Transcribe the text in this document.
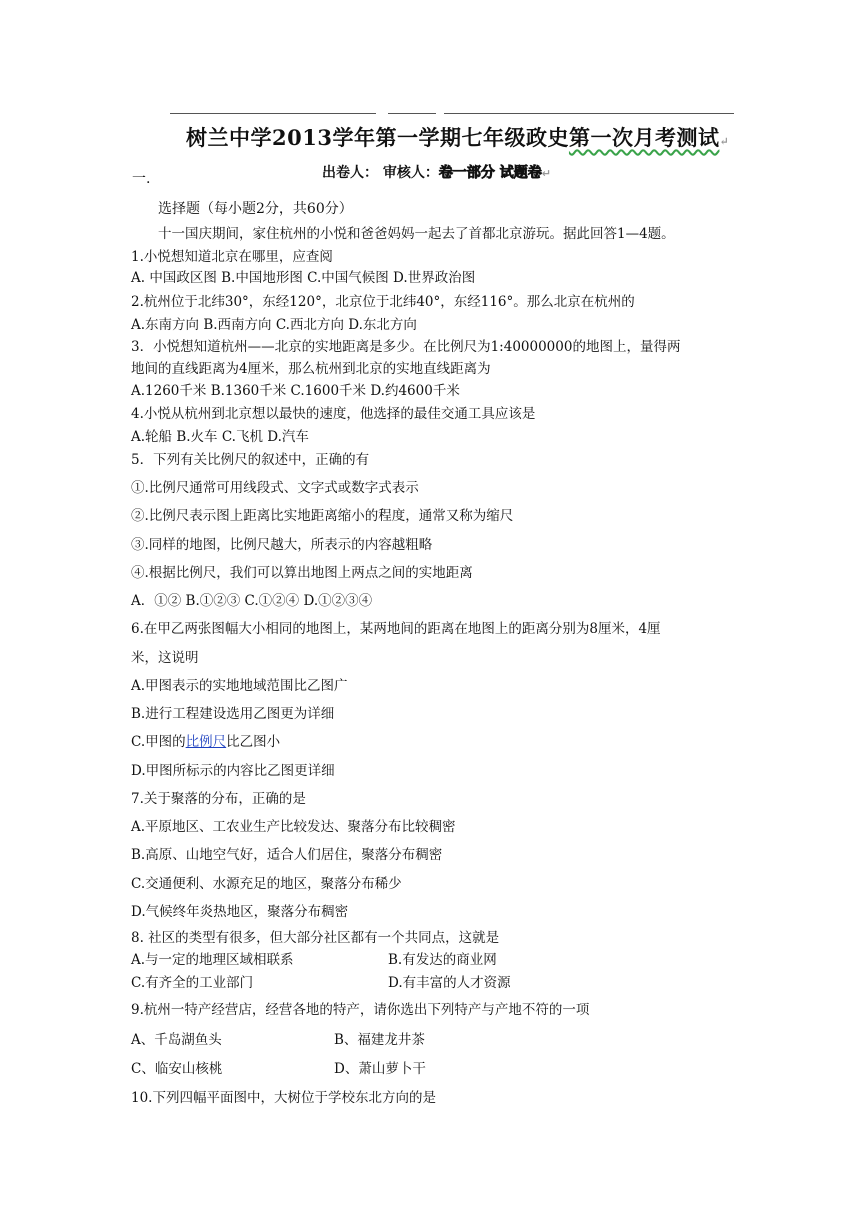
树兰中学2013学年第一学期七年级政史第一次月考测试↵
一.	出卷人： 审核人：卷一部分 试题卷↵
选择题（每小题2分，共60分）
十一国庆期间，家住杭州的小悦和爸爸妈妈一起去了首都北京游玩。据此回答1—4题。
1.小悦想知道北京在哪里，应查阅
A. 中国政区图 B.中国地形图 C.中国气候图 D.世界政治图
2.杭州位于北纬30°，东经120°，北京位于北纬40°，东经116°。那么北京在杭州的
A.东南方向 B.西南方向 C.西北方向 D.东北方向
3．小悦想知道杭州——北京的实地距离是多少。在比例尺为1:40000000的地图上，量得两
地间的直线距离为4厘米，那么杭州到北京的实地直线距离为
A.1260千米 B.1360千米 C.1600千米 D.约4600千米
4.小悦从杭州到北京想以最快的速度，他选择的最佳交通工具应该是
A.轮船 B.火车 C.飞机 D.汽车
5．下列有关比例尺的叙述中，正确的有
①.比例尺通常可用线段式、文字式或数字式表示
②.比例尺表示图上距离比实地距离缩小的程度，通常又称为缩尺
③.同样的地图，比例尺越大，所表示的内容越粗略
④.根据比例尺，我们可以算出地图上两点之间的实地距离
A．①② B.①②③ C.①②④ D.①②③④
6.在甲乙两张图幅大小相同的地图上，某两地间的距离在地图上的距离分别为8厘米，4厘
米，这说明
A.甲图表示的实地地域范围比乙图广
B.进行工程建设选用乙图更为详细
C.甲图的比例尺比乙图小
D.甲图所标示的内容比乙图更详细
7.关于聚落的分布，正确的是
A.平原地区、工农业生产比较发达、聚落分布比较稠密
B.高原、山地空气好，适合人们居住，聚落分布稠密
C.交通便利、水源充足的地区，聚落分布稀少
D.气候终年炎热地区，聚落分布稠密
8. 社区的类型有很多，但大部分社区都有一个共同点，这就是
A.与一定的地理区域相联系	B.有发达的商业网
C.有齐全的工业部门	D.有丰富的人才资源
9.杭州一特产经营店，经营各地的特产，请你选出下列特产与产地不符的一项
A、千岛湖鱼头	B、福建龙井茶
C、临安山核桃	D、萧山萝卜干
10.下列四幅平面图中，大树位于学校东北方向的是
